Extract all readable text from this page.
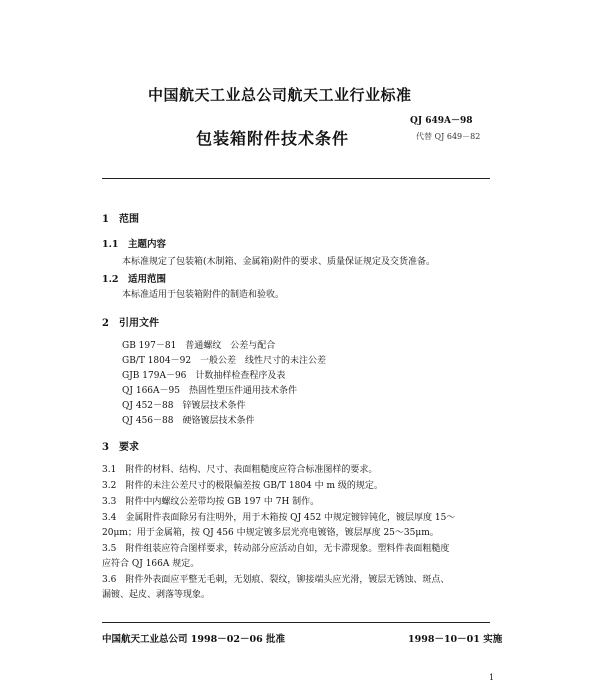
中国航天工业总公司航天工业行业标准
QJ 649A－98
包装箱附件技术条件	代替 QJ 649－82
1　范围
1.1　主题内容
本标准规定了包装箱(木制箱、金属箱)附件的要求、质量保证规定及交货准备。
1.2　适用范围
本标准适用于包装箱附件的制造和验收。
2　引用文件
GB 197－81　普通螺纹　公差与配合
GB/T 1804－92　一般公差　线性尺寸的未注公差
GJB 179A－96　计数抽样检查程序及表
QJ 166A－95　热固性塑压件通用技术条件
QJ 452－88　锌镀层技术条件
QJ 456－88　硬铬镀层技术条件
3　要求
3.1　附件的材料、结构、尺寸、表面粗糙度应符合标准图样的要求。
3.2　附件的未注公差尺寸的极限偏差按 GB/T 1804 中 m 级的规定。
3.3　附件中内螺纹公差带均按 GB 197 中 7H 制作。
3.4　金属附件表面除另有注明外，用于木箱按 QJ 452 中规定镀锌钝化，镀层厚度 15～
20μm；用于金属箱，按 QJ 456 中规定镀多层光亮电镀铬，镀层厚度 25～35μm。
3.5　附件组装应符合图样要求，转动部分应活动自如，无卡滞现象。塑料件表面粗糙度
应符合 QJ 166A 规定。
3.6　附件外表面应平整无毛刺，无划痕、裂纹，铆接端头应光滑，镀层无锈蚀、斑点、
漏镀、起皮、剥落等现象。
中国航天工业总公司 1998－02－06 批准	1998－10－01 实施
1
